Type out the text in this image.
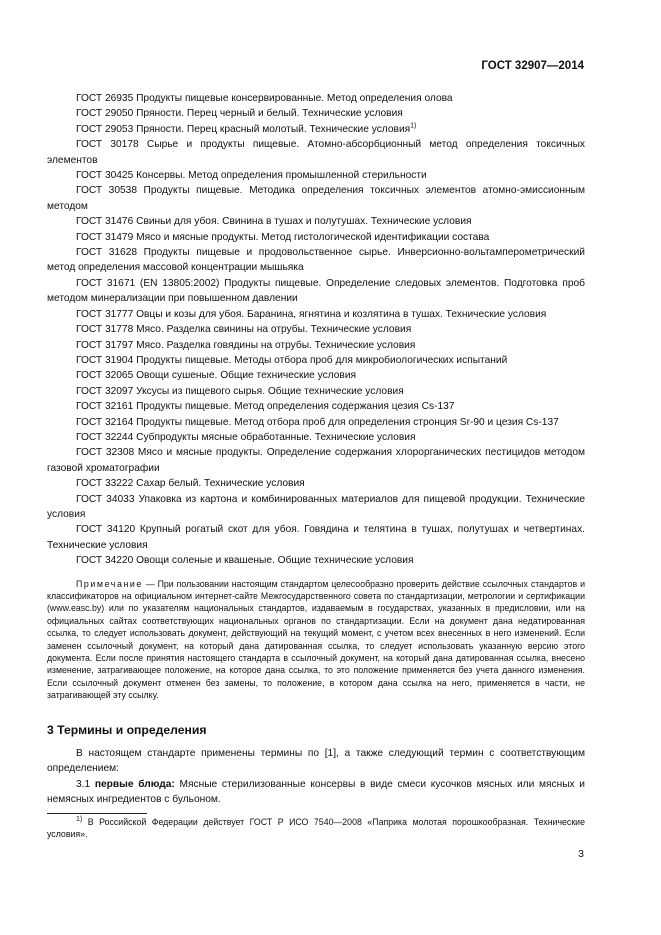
ГОСТ 32907—2014
ГОСТ 26935 Продукты пищевые консервированные. Метод определения олова
ГОСТ 29050 Пряности. Перец черный и белый. Технические условия
ГОСТ 29053 Пряности. Перец красный молотый. Технические условия$^{1)}$
ГОСТ 30178 Сырье и продукты пищевые. Атомно-абсорбционный метод определения токсичных элементов
ГОСТ 30425 Консервы. Метод определения промышленной стерильности
ГОСТ 30538 Продукты пищевые. Методика определения токсичных элементов атомно-эмиссионным методом
ГОСТ 31476 Свиньи для убоя. Свинина в тушах и полутушах. Технические условия
ГОСТ 31479 Мясо и мясные продукты. Метод гистологической идентификации состава
ГОСТ 31628 Продукты пищевые и продовольственное сырье. Инверсионно-вольтамперометрический метод определения массовой концентрации мышьяка
ГОСТ 31671 (EN 13805:2002) Продукты пищевые. Определение следовых элементов. Подготовка проб методом минерализации при повышенном давлении
ГОСТ 31777 Овцы и козы для убоя. Баранина, ягнятина и козлятина в тушах. Технические условия
ГОСТ 31778 Мясо. Разделка свинины на отрубы. Технические условия
ГОСТ 31797 Мясо. Разделка говядины на отрубы. Технические условия
ГОСТ 31904 Продукты пищевые. Методы отбора проб для микробиологических испытаний
ГОСТ 32065 Овощи сушеные. Общие технические условия
ГОСТ 32097 Уксусы из пищевого сырья. Общие технические условия
ГОСТ 32161 Продукты пищевые. Метод определения содержания цезия Cs-137
ГОСТ 32164 Продукты пищевые. Метод отбора проб для определения стронция Sr-90 и цезия Cs-137
ГОСТ 32244 Субпродукты мясные обработанные. Технические условия
ГОСТ 32308 Мясо и мясные продукты. Определение содержания хлорорганических пестицидов методом газовой хроматографии
ГОСТ 33222 Сахар белый. Технические условия
ГОСТ 34033 Упаковка из картона и комбинированных материалов для пищевой продукции. Технические условия
ГОСТ 34120 Крупный рогатый скот для убоя. Говядина и телятина в тушах, полутушах и четвертинах. Технические условия
ГОСТ 34220 Овощи соленые и квашеные. Общие технические условия
Примечание — При пользовании настоящим стандартом целесообразно проверить действие ссылочных стандартов и классификаторов на официальном интернет-сайте Межгосударственного совета по стандартизации, метрологии и сертификации (www.easc.by) или по указателям национальных стандартов, издаваемым в государствах, указанных в предисловии, или на официальных сайтах соответствующих национальных органов по стандартизации. Если на документ дана недатированная ссылка, то следует использовать документ, действующий на текущий момент, с учетом всех внесенных в него изменений. Если заменен ссылочный документ, на который дана датированная ссылка, то следует использовать указанную версию этого документа. Если после принятия настоящего стандарта в ссылочный документ, на который дана датированная ссылка, внесено изменение, затрагивающее положение, на которое дана ссылка, то это положение применяется без учета данного изменения. Если ссылочный документ отменен без замены, то положение, в котором дана ссылка на него, применяется в части, не затрагивающей эту ссылку.
3 Термины и определения
В настоящем стандарте применены термины по [1], а также следующий термин с соответствующим определением:
3.1 первые блюда: Мясные стерилизованные консервы в виде смеси кусочков мясных или мясных и немясных ингредиентов с бульоном.
$^{1)}$ В Российской Федерации действует ГОСТ Р ИСО 7540—2008 «Паприка молотая порошкообразная. Технические условия».
3
